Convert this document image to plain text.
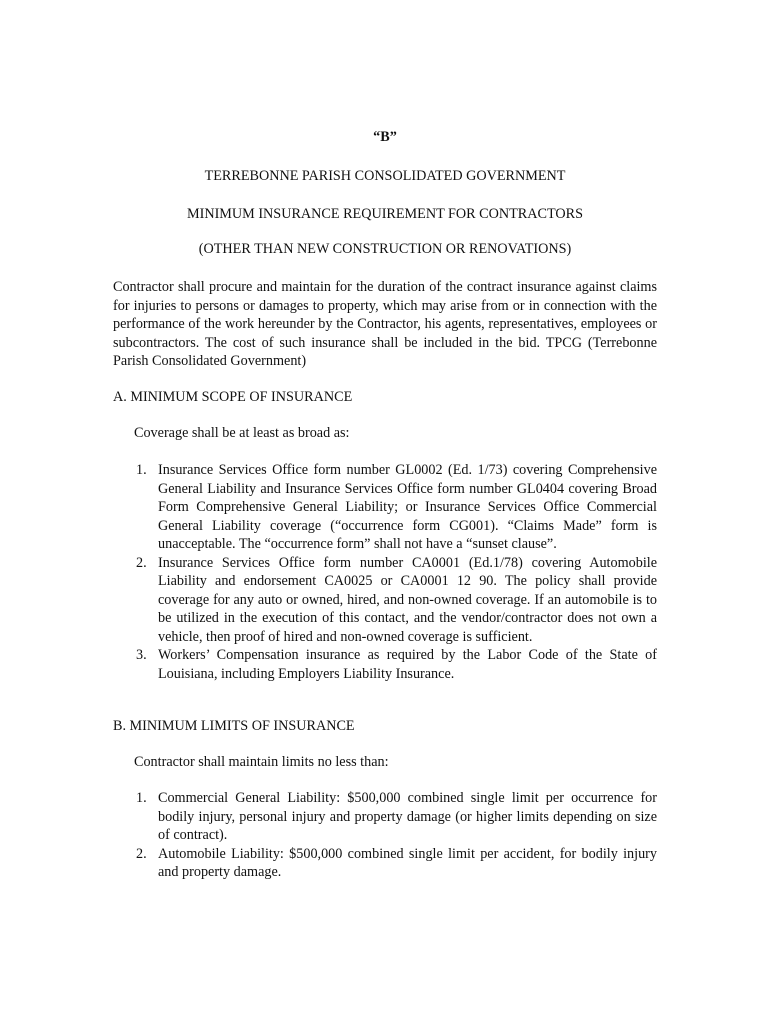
“B”
TERREBONNE PARISH CONSOLIDATED GOVERNMENT
MINIMUM INSURANCE REQUIREMENT FOR CONTRACTORS
(OTHER THAN NEW CONSTRUCTION OR RENOVATIONS)

Contractor shall procure and maintain for the duration of the contract insurance against claims for injuries to persons or damages to property, which may arise from or in connection with the performance of the work hereunder by the Contractor, his agents, representatives, employees or subcontractors. The cost of such insurance shall be included in the bid. TPCG (Terrebonne Parish Consolidated Government)

A. MINIMUM SCOPE OF INSURANCE

Coverage shall be at least as broad as:

1. Insurance Services Office form number GL0002 (Ed. 1/73) covering Comprehensive General Liability and Insurance Services Office form number GL0404 covering Broad Form Comprehensive General Liability; or Insurance Services Office Commercial General Liability coverage (“occurrence form CG001). “Claims Made” form is unacceptable. The “occurrence form” shall not have a “sunset clause”.
2. Insurance Services Office form number CA0001 (Ed.1/78) covering Automobile Liability and endorsement CA0025 or CA0001 12 90. The policy shall provide coverage for any auto or owned, hired, and non-owned coverage. If an automobile is to be utilized in the execution of this contact, and the vendor/contractor does not own a vehicle, then proof of hired and non-owned coverage is sufficient.
3. Workers’ Compensation insurance as required by the Labor Code of the State of Louisiana, including Employers Liability Insurance.

B. MINIMUM LIMITS OF INSURANCE

Contractor shall maintain limits no less than:

1. Commercial General Liability: $500,000 combined single limit per occurrence for bodily injury, personal injury and property damage (or higher limits depending on size of contract).
2. Automobile Liability: $500,000 combined single limit per accident, for bodily injury and property damage.
